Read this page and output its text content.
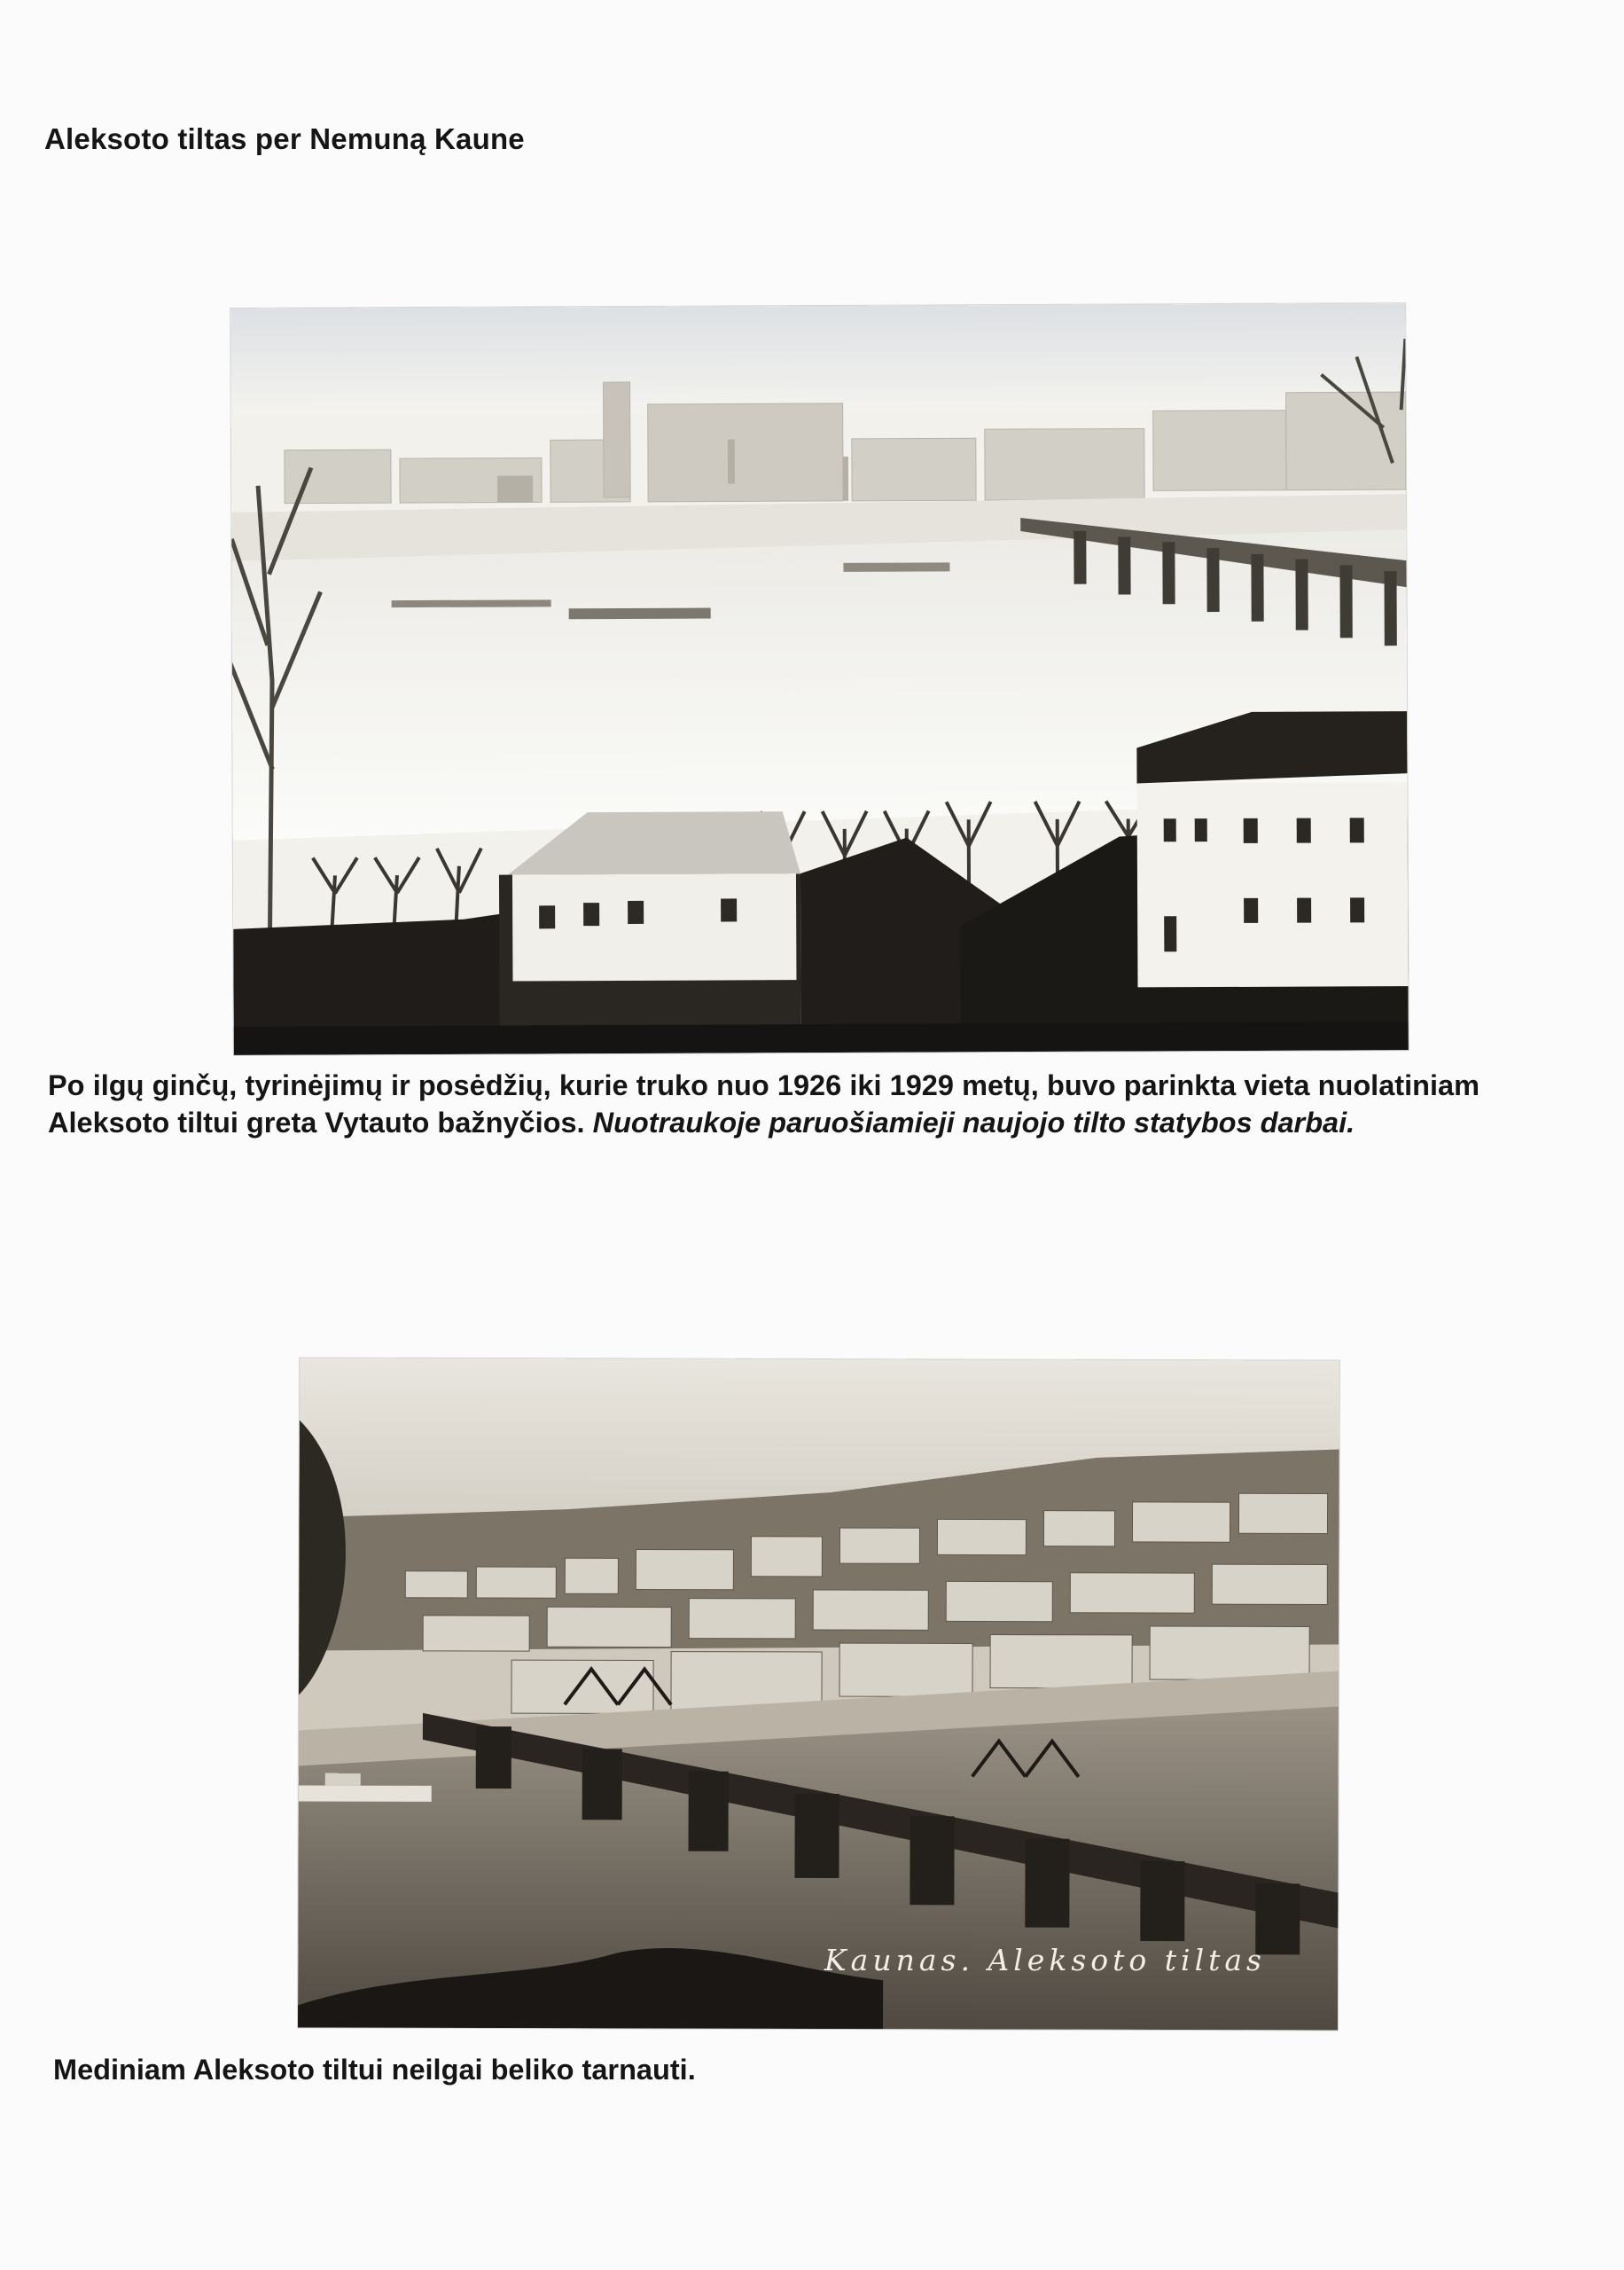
Aleksoto tiltas per Nemuną Kaune
Po ilgų ginčų, tyrinėjimų ir posėdžių, kurie truko nuo 1926 iki 1929 metų, buvo parinkta vieta nuolatiniam Aleksoto tiltui greta Vytauto bažnyčios. Nuotraukoje paruošiamieji naujojo tilto statybos darbai.
Kaunas. Aleksoto tiltas
Mediniam Aleksoto tiltui neilgai beliko tarnauti.
